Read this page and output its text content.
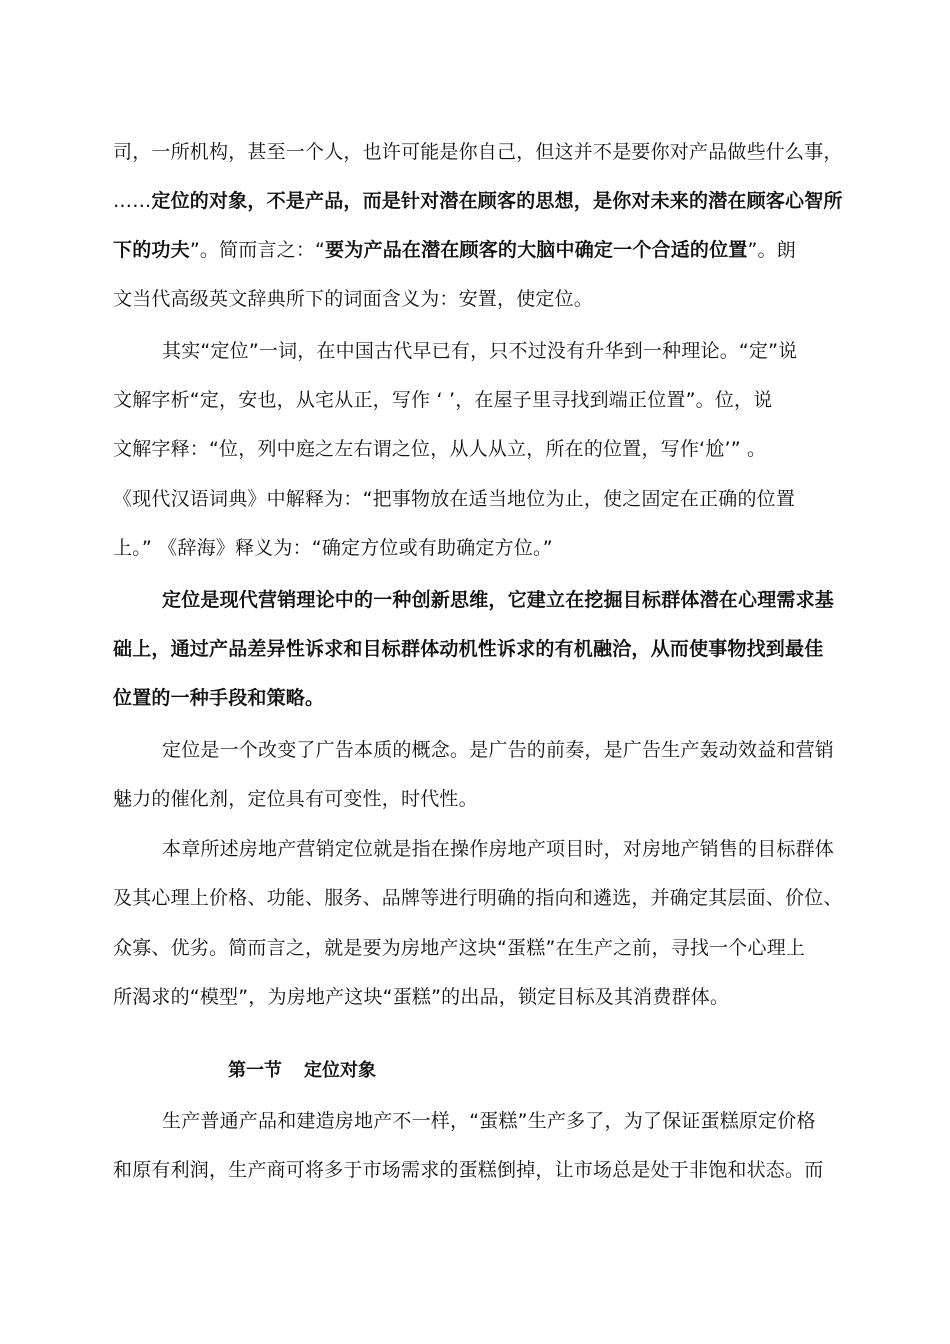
司，一所机构，甚至一个人，也许可能是你自己，但这并不是要你对产品做些什么事，
……定位的对象，不是产品，而是针对潜在顾客的思想，是你对未来的潜在顾客心智所
下的功夫”。简而言之：“要为产品在潜在顾客的大脑中确定一个合适的位置”。朗
文当代高级英文辞典所下的词面含义为：安置，使定位。
其实“定位”一词，在中国古代早已有，只不过没有升华到一种理论。“定”说
文解字析“定，安也，从宅从正，写作 ‘ ’，在屋子里寻找到端正位置”。位，说
文解字释：“位，列中庭之左右谓之位，从人从立，所在的位置，写作‘尬’” 。
《现代汉语词典》中解释为：“把事物放在适当地位为止，使之固定在正确的位置
上。” 《辞海》释义为：“确定方位或有助确定方位。”
定位是现代营销理论中的一种创新思维，它建立在挖掘目标群体潜在心理需求基
础上，通过产品差异性诉求和目标群体动机性诉求的有机融洽，从而使事物找到最佳
位置的一种手段和策略。
定位是一个改变了广告本质的概念。是广告的前奏，是广告生产轰动效益和营销
魅力的催化剂，定位具有可变性，时代性。
本章所述房地产营销定位就是指在操作房地产项目时，对房地产销售的目标群体
及其心理上价格、功能、服务、品牌等进行明确的指向和遴选，并确定其层面、价位、
众寡、优劣。简而言之，就是要为房地产这块“蛋糕”在生产之前，寻找一个心理上
所渴求的“模型”，为房地产这块“蛋糕”的出品，锁定目标及其消费群体。
第一节 定位对象
生产普通产品和建造房地产不一样，“蛋糕”生产多了，为了保证蛋糕原定价格
和原有利润，生产商可将多于市场需求的蛋糕倒掉，让市场总是处于非饱和状态。而
